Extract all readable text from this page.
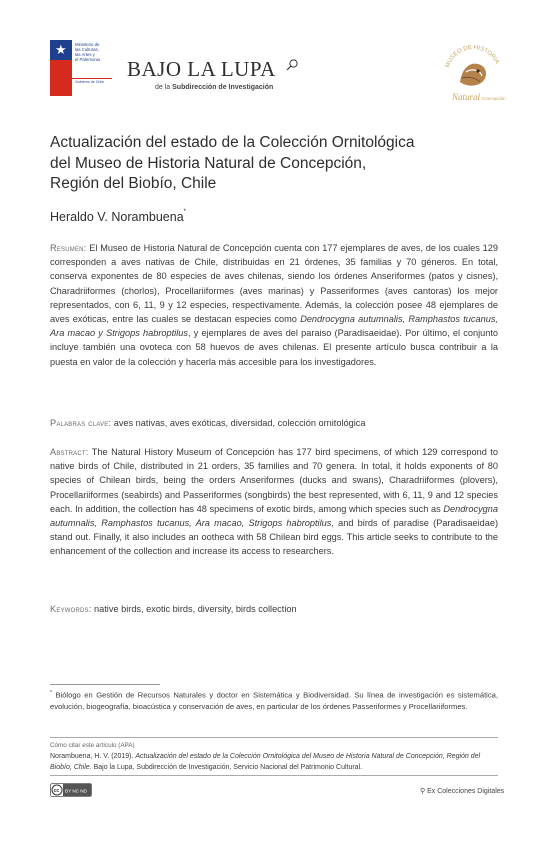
★ Ministerio de
las Culturas,
las Artes y
el Patrimonio
Gobierno de Chile
BAJO LA LUPA
de la Subdirección de Investigación
MUSEO DE HISTORIA
Natural Concepción
Actualización del estado de la Colección Ornitológica
del Museo de Historia Natural de Concepción,
Región del Biobío, Chile
Heraldo V. Norambuena*

Resumen: El Museo de Historia Natural de Concepción cuenta con 177 ejemplares de aves, de los cuales 129 corresponden a aves nativas de Chile, distribuidas en 21 órdenes, 35 familias y 70 géneros. En total, conserva exponentes de 80 especies de aves chilenas, siendo los órdenes Anseriformes (patos y cisnes), Charadriiformes (chorlos), Procellariiformes (aves marinas) y Passeriformes (aves cantoras) los mejor representados, con 6, 11, 9 y 12 especies, respectivamente. Además, la colección posee 48 ejemplares de aves exóticas, entre las cuales se destacan especies como Dendrocygna autumnalis, Ramphastos tucanus, Ara macao y Strigops habroptilus, y ejemplares de aves del paraiso (Paradisaeidae). Por último, el conjunto incluye también una ovoteca con 58 huevos de aves chilenas. El presente artículo busca contribuir a la puesta en valor de la colección y hacerla más accesible para los investigadores.

Palabras clave: aves nativas, aves exóticas, diversidad, colección ornitológica

Abstract: The Natural History Museum of Concepción has 177 bird specimens, of which 129 correspond to native birds of Chile, distributed in 21 orders, 35 families and 70 genera. In total, it holds exponents of 80 species of Chilean birds, being the orders Anseriformes (ducks and swans), Charadriiformes (plovers), Procellariiformes (seabirds) and Passeriformes (songbirds) the best represented, with 6, 11, 9 and 12 species each. In addition, the collection has 48 specimens of exotic birds, among which species such as Dendrocygna autumnalis, Ramphastos tucanus, Ara macao, Strigops habroptilus, and birds of paradise (Paradisaeidae) stand out. Finally, it also includes an ootheca with 58 Chilean bird eggs. This article seeks to contribute to the enhancement of the collection and increase its access to researchers.

Keywords: native birds, exotic birds, diversity, birds collection

* Biólogo en Gestión de Recursos Naturales y doctor en Sistemática y Biodiversidad. Su línea de investigación es sistemática, evolución, biogeografía, bioacústica y conservación de aves, en particular de los órdenes Passeriformes y Procellariiformes.

Cómo citar este artículo (APA)

Norambuena, H. V. (2019). Actualización del estado de la Colección Ornitológica del Museo de Historia Natural de Concepción, Región del Biobío, Chile. Bajo la Lupa, Subdirección de Investigación, Servicio Nacional del Patrimonio Cultural.

cc BY NC ND	⚲ Ex Colecciones Digitales
